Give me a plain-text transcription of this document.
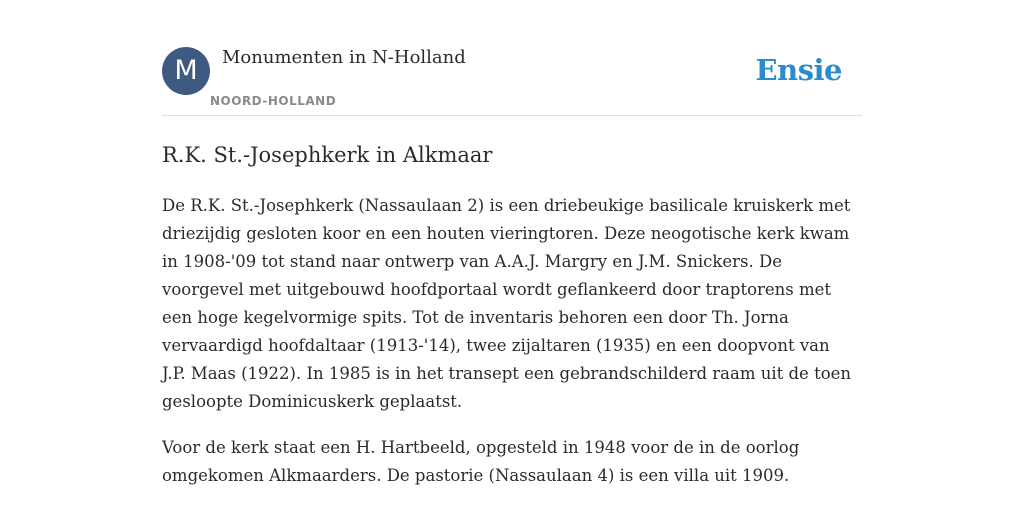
M	Monumenten in N-Holland
NOORD-HOLLAND
Ensie
R.K. St.-Josephkerk in Alkmaar

De R.K. St.-Josephkerk (Nassaulaan 2) is een driebeukige basilicale kruiskerk met
driezijdig gesloten koor en een houten vieringtoren. Deze neogotische kerk kwam
in 1908-'09 tot stand naar ontwerp van A.A.J. Margry en J.M. Snickers. De
voorgevel met uitgebouwd hoofdportaal wordt geflankeerd door traptorens met
een hoge kegelvormige spits. Tot de inventaris behoren een door Th. Jorna
vervaardigd hoofdaltaar (1913-'14), twee zijaltaren (1935) en een doopvont van
J.P. Maas (1922). In 1985 is in het transept een gebrandschilderd raam uit de toen
gesloopte Dominicuskerk geplaatst.

Voor de kerk staat een H. Hartbeeld, opgesteld in 1948 voor de in de oorlog
omgekomen Alkmaarders. De pastorie (Nassaulaan 4) is een villa uit 1909.
